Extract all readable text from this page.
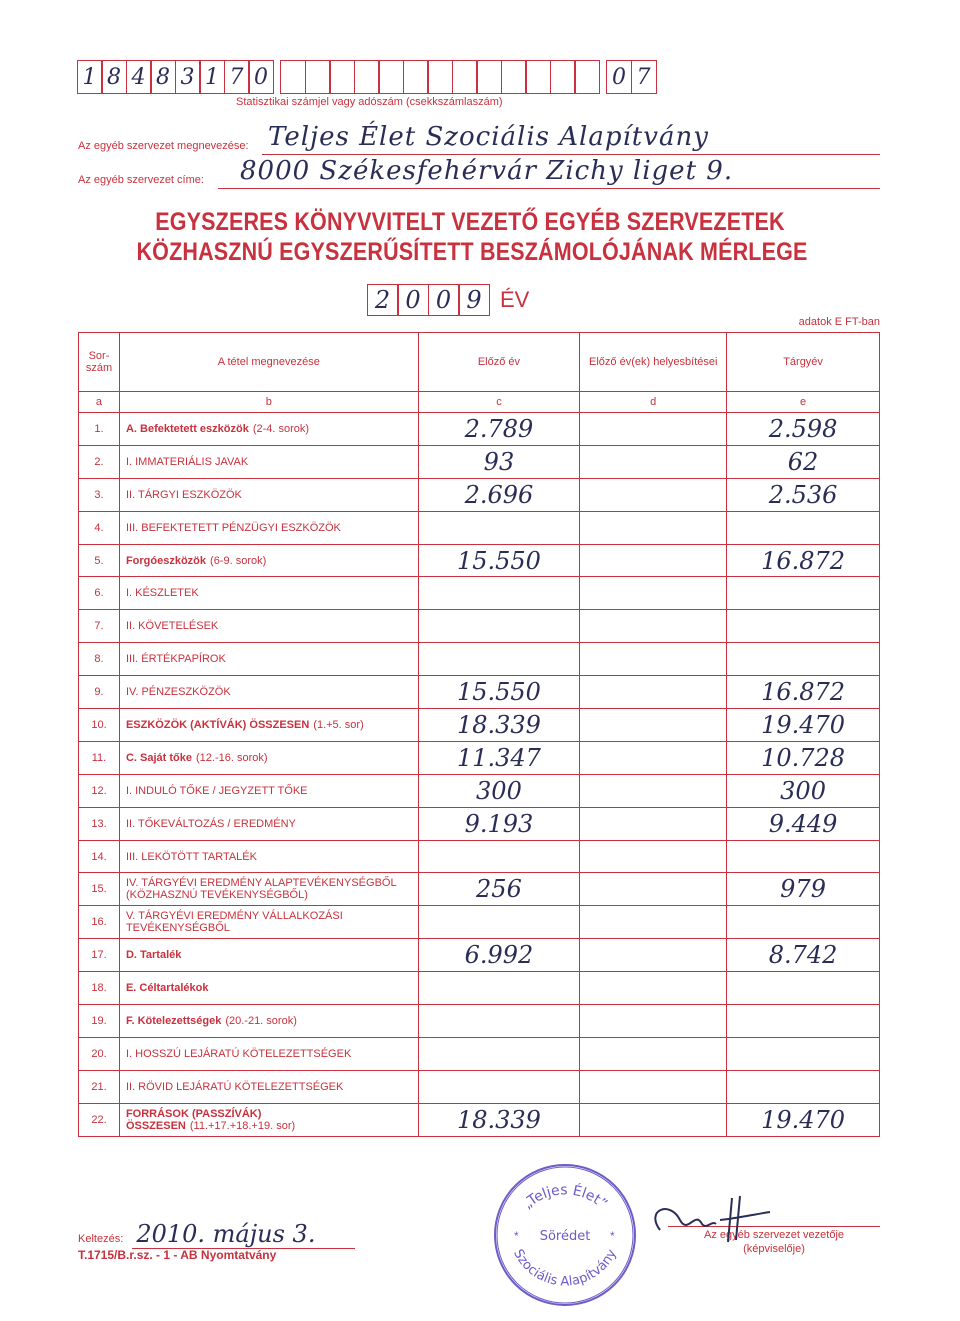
1 8 4 8 3 1 7 0	0 7
Statisztikai számjel vagy adószám (csekkszámlaszám)
Az egyéb szervezet megnevezése: Teljes Élet Szociális Alapítvány
Az egyéb szervezet címe: 8000 Székesfehérvár Zichy liget 9.
EGYSZERES KÖNYVVITELT VEZETŐ EGYÉB SZERVEZETEK
KÖZHASZNÚ EGYSZERŰSÍTETT BESZÁMOLÓJÁNAK MÉRLEGE
2 0 0 9 ÉV
adatok E FT-ban
Sor-szám	A tétel megnevezése	Előző év	Előző év(ek) helyesbítései	Tárgyév
a	b	c	d	e
1.	A. Befektetett eszközök (2-4. sorok)	2.789		2.598
2.	I. IMMATERIÁLIS JAVAK	93		62
3.	II. TÁRGYI ESZKÖZÖK	2.696		2.536
4.	III. BEFEKTETETT PÉNZÜGYI ESZKÖZÖK			
5.	Forgóeszközök (6-9. sorok)	15.550		16.872
6.	I. KÉSZLETEK			
7.	II. KÖVETELÉSEK			
8.	III. ÉRTÉKPAPÍROK			
9.	IV. PÉNZESZKÖZÖK	15.550		16.872
10.	ESZKÖZÖK (AKTÍVÁK) ÖSSZESEN (1.+5. sor)	18.339		19.470
11.	C. Saját tőke (12.-16. sorok)	11.347		10.728
12.	I. INDULÓ TŐKE / JEGYZETT TŐKE	300		300
13.	II. TŐKEVÁLTOZÁS / EREDMÉNY	9.193		9.449
14.	III. LEKÖTÖTT TARTALÉK			
15.	IV. TÁRGYÉVI EREDMÉNY ALAPTEVÉKENYSÉGBŐL (KÖZHASZNÚ TEVÉKENYSÉGBŐL)	256		979
16.	V. TÁRGYÉVI EREDMÉNY VÁLLALKOZÁSI TEVÉKENYSÉGBŐL			
17.	D. Tartalék	6.992		8.742
18.	E. Céltartalékok			
19.	F. Kötelezettségek (20.-21. sorok)			
20.	I. HOSSZÚ LEJÁRATÚ KÖTELEZETTSÉGEK			
21.	II. RÖVID LEJÁRATÚ KÖTELEZETTSÉGEK			
22.	FORRÁSOK (PASSZÍVÁK) ÖSSZESEN (11.+17.+18.+19. sor)	18.339		19.470
Keltezés: 2010. május 3.
T.1715/B.r.sz. - 1 - AB Nyomtatvány
Az egyéb szervezet vezetője
(képviselője)
„Teljes Élet”
Szociális Alapítvány
Sörédet
*	*
